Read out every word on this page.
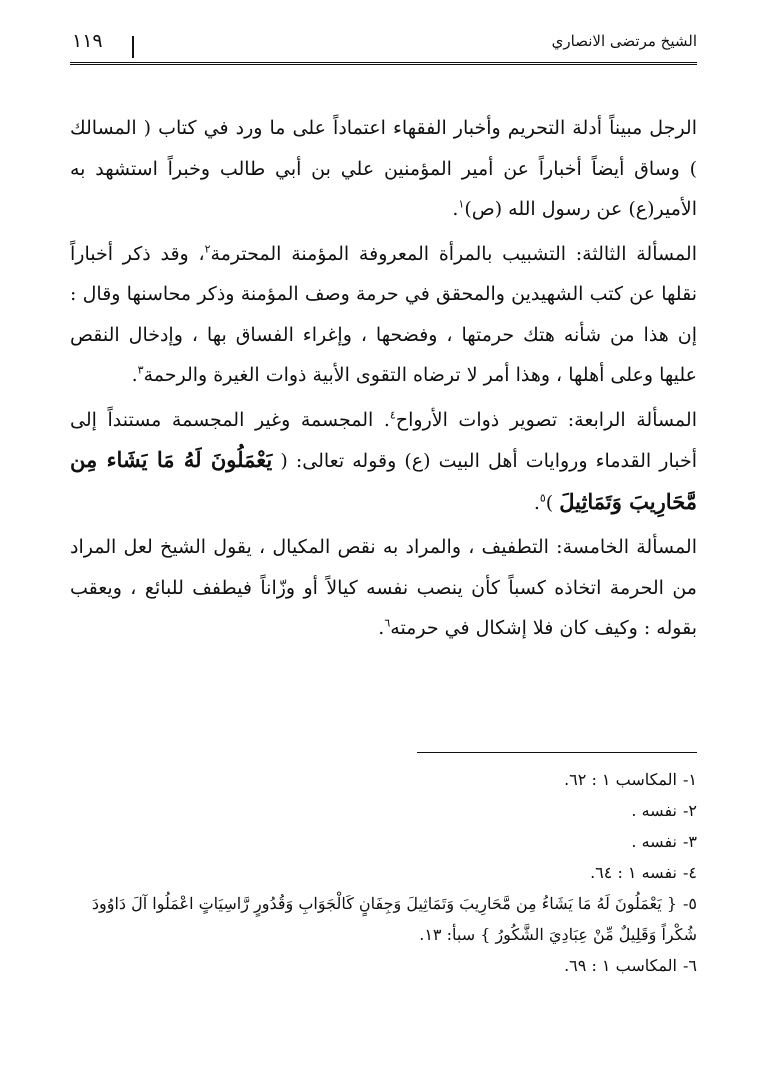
الشيخ مرتضى الانصاري
١١٩

الرجل مبيناً أدلة التحريم وأخبار الفقهاء اعتماداً على ما ورد في كتاب ( المسالك ) وساق أيضاً أخباراً عن أمير المؤمنين علي بن أبي طالب وخبراً استشهد به الأمير(ع) عن رسول الله (ص)$^١$.

المسألة الثالثة: التشبيب بالمرأة المعروفة المؤمنة المحترمة$^٢$، وقد ذكر أخباراً نقلها عن كتب الشهيدين والمحقق في حرمة وصف المؤمنة وذكر محاسنها وقال : إن هذا من شأنه هتك حرمتها ، وفضحها ، وإغراء الفساق بها ، وإدخال النقص عليها وعلى أهلها ، وهذا أمر لا ترضاه التقوى الأبية ذوات الغيرة والرحمة$^٣$.

المسألة الرابعة: تصوير ذوات الأرواح$^٤$. المجسمة وغير المجسمة مستنداً إلى أخبار القدماء وروايات أهل البيت (ع) وقوله تعالى: ( يَعْمَلُونَ لَهُ مَا يَشَاء مِن مَّحَارِيبَ وَتَمَاثِيلَ )$^٥$.

المسألة الخامسة: التطفيف ، والمراد به نقص المكيال ، يقول الشيخ لعل المراد من الحرمة اتخاذه كسباً كأن ينصب نفسه كيالاً أو وزّاناً فيطفف للبائع ، ويعقب بقوله : وكيف كان فلا إشكال في حرمته$^٦$.

١-المكاسب ١ : ٦٢.

٢-نفسه .

٣-نفسه .

٤-نفسه ١ : ٦٤.

٥-{ يَعْمَلُونَ لَهُ مَا يَشَاءُ مِن مَّحَارِيبَ وَتَمَاثِيلَ وَجِفَانٍ كَالْجَوَابِ وَقُدُورٍ رَّاسِيَاتٍ اعْمَلُوا آلَ دَاوُودَ شُكْراً وَقَلِيلٌ مِّنْ عِبَادِيَ الشَّكُورُ } سبأ: ١٣.

٦-المكاسب ١ : ٦٩.
